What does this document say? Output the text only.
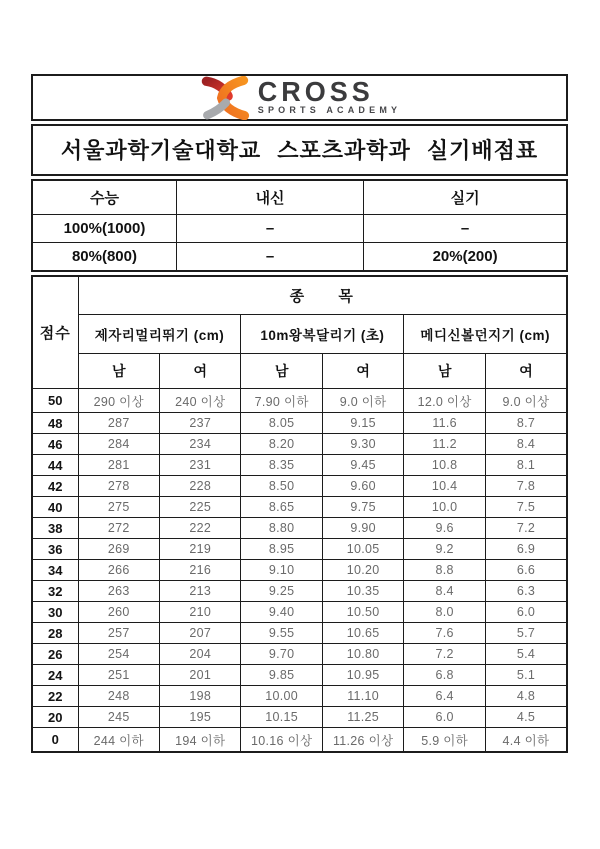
CROSS
SPORTS ACADEMY
서울과학기술대학교 스포츠과학과 실기배점표
수능	내신	실기
100%(1000)	–	–
80%(800)	–	20%(200)
점수	종 목					
	제자리멀리뛰기 (cm)		10m왕복달리기 (초)		메디신볼던지기 (cm)	
	남	여	남	여	남	여
50	290 이상	240 이상	7.90 이하	9.0 이하	12.0 이상	9.0 이상
48	287	237	8.05	9.15	11.6	8.7
46	284	234	8.20	9.30	11.2	8.4
44	281	231	8.35	9.45	10.8	8.1
42	278	228	8.50	9.60	10.4	7.8
40	275	225	8.65	9.75	10.0	7.5
38	272	222	8.80	9.90	9.6	7.2
36	269	219	8.95	10.05	9.2	6.9
34	266	216	9.10	10.20	8.8	6.6
32	263	213	9.25	10.35	8.4	6.3
30	260	210	9.40	10.50	8.0	6.0
28	257	207	9.55	10.65	7.6	5.7
26	254	204	9.70	10.80	7.2	5.4
24	251	201	9.85	10.95	6.8	5.1
22	248	198	10.00	11.10	6.4	4.8
20	245	195	10.15	11.25	6.0	4.5
0	244 이하	194 이하	10.16 이상	11.26 이상	5.9 이하	4.4 이하
